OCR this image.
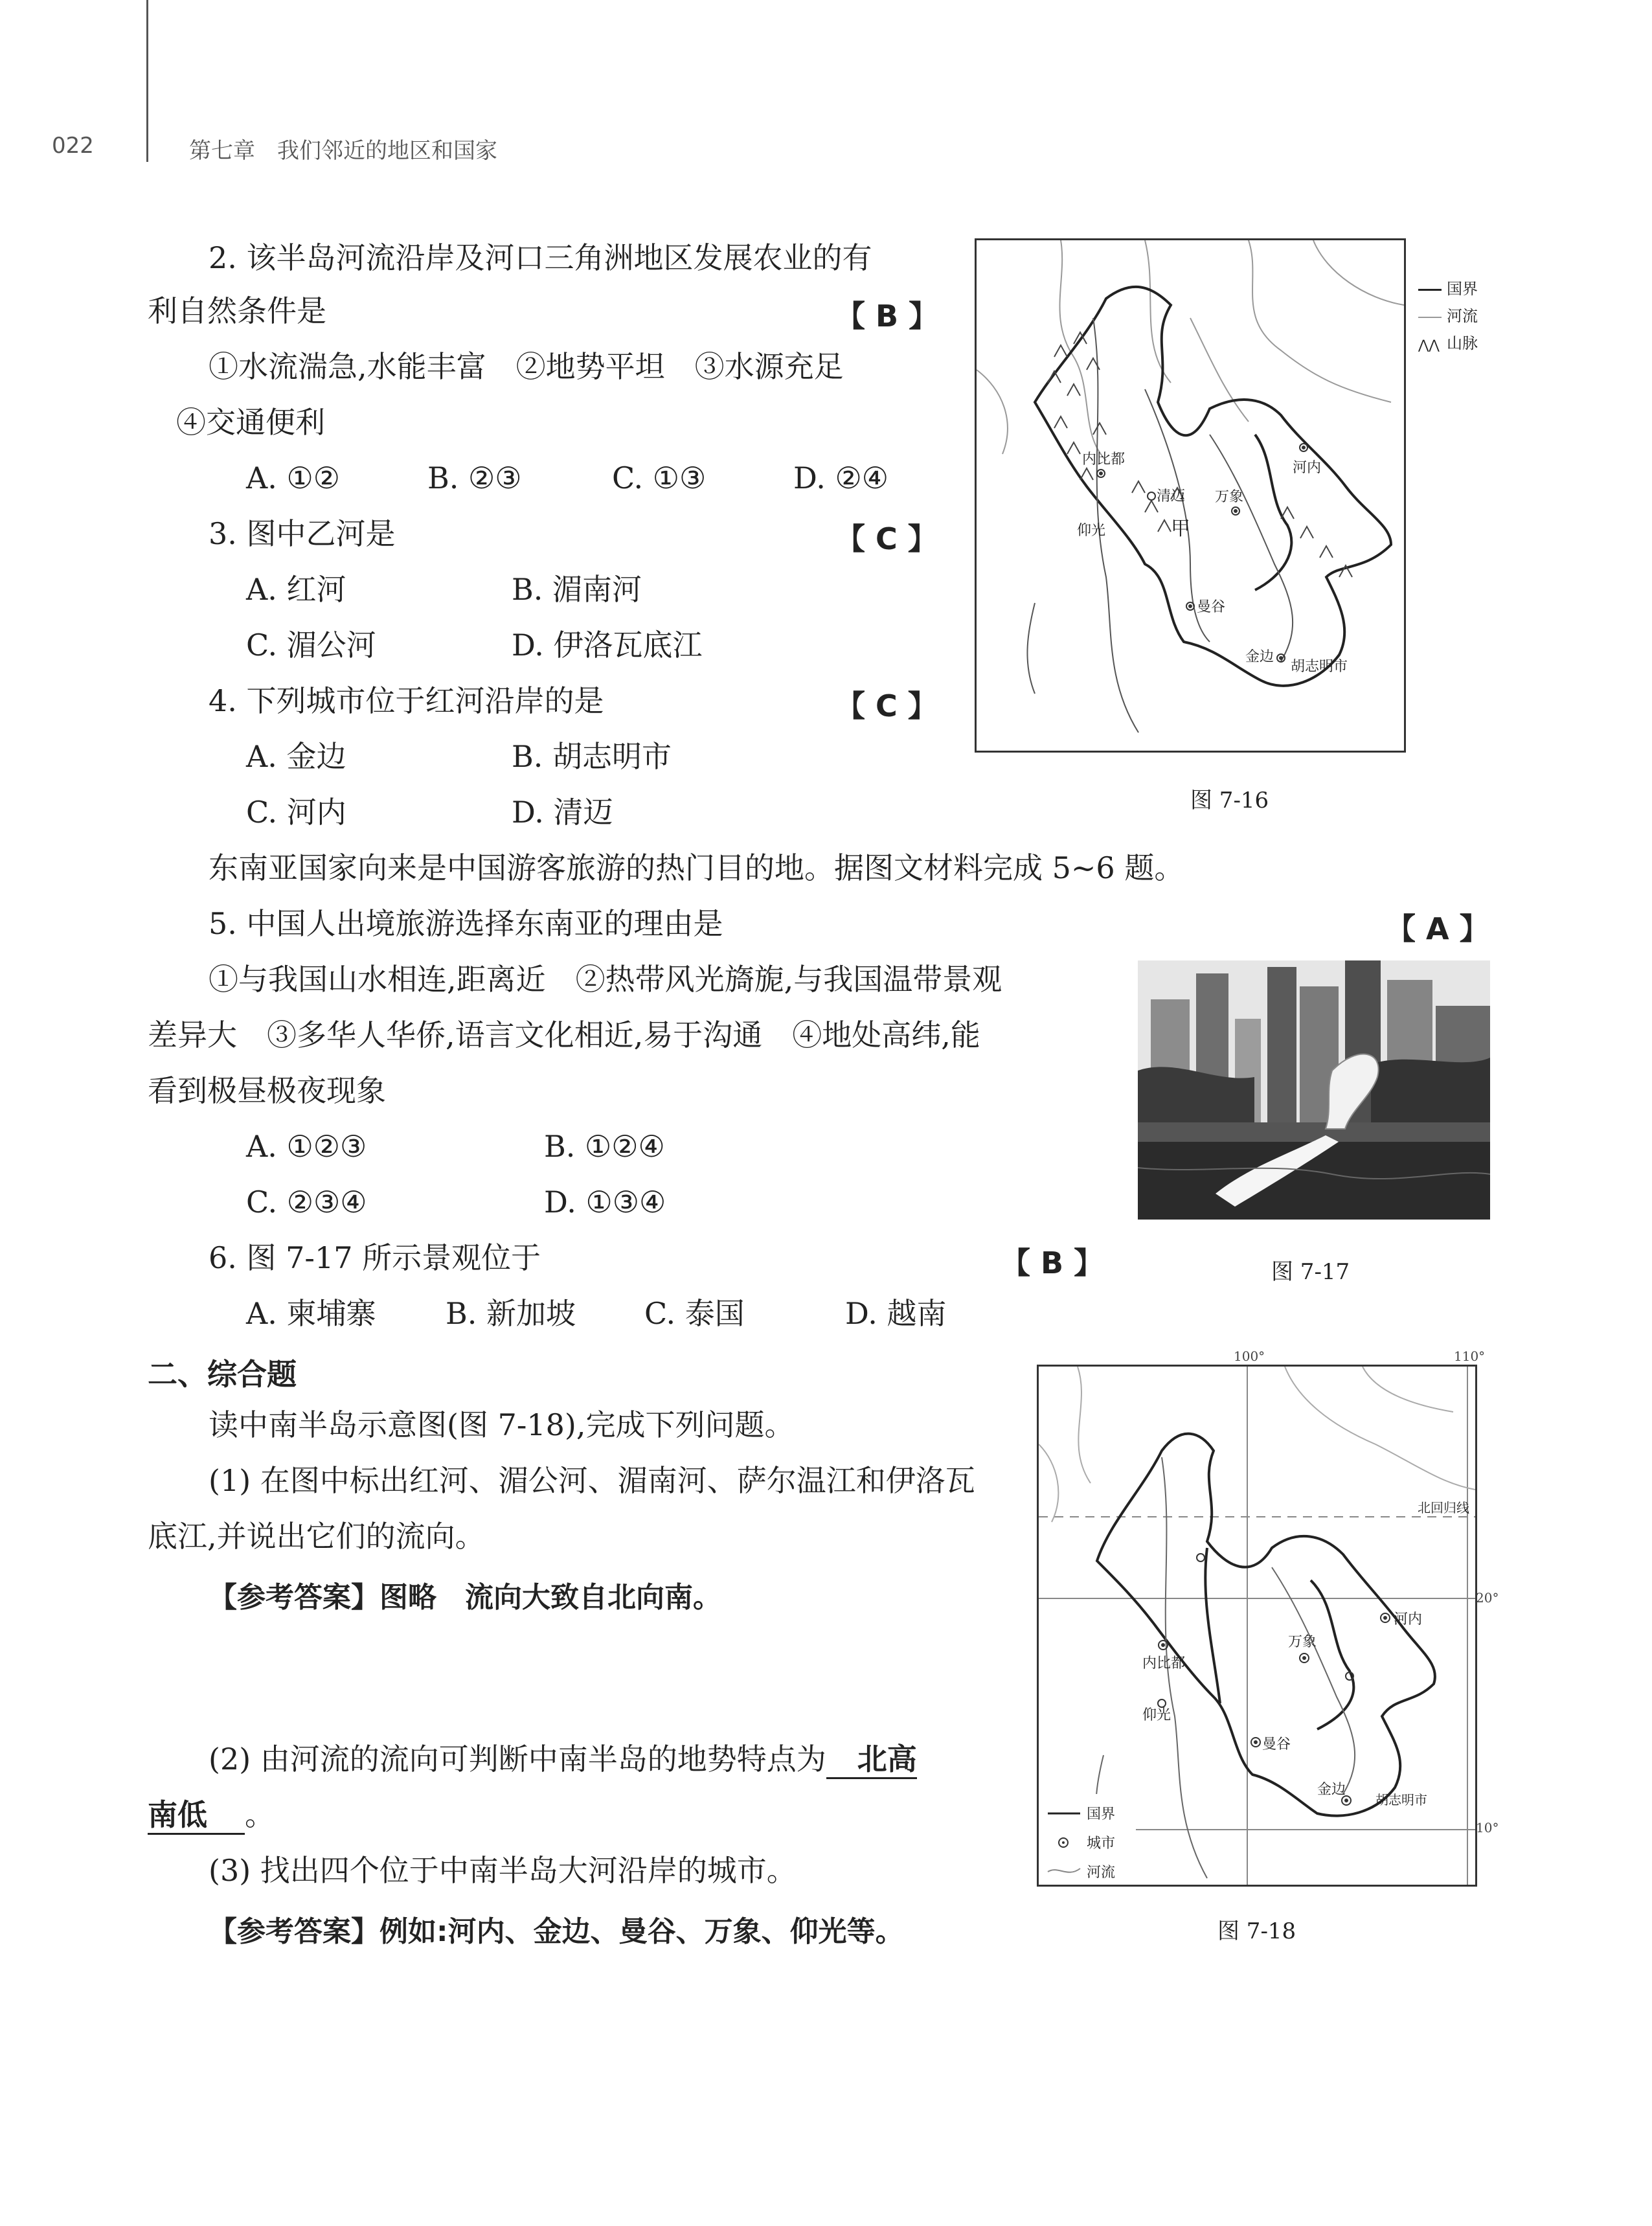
022	第七章　我们邻近的地区和国家
2. 该半岛河流沿岸及河口三角洲地区发展农业的有
利自然条件是	【 B 】
①水流湍急,水能丰富　②地势平坦　③水源充足
④交通便利
A. ①②	B. ②③	C. ①③	D. ②④
3. 图中乙河是	【 C 】
A. 红河	B. 湄南河
C. 湄公河	D. 伊洛瓦底江
4. 下列城市位于红河沿岸的是	【 C 】
A. 金边	B. 胡志明市
C. 河内	D. 清迈
内比都
清迈 万象
河内
甲
仰光
曼谷
金边
胡志明市
国界
河流
⋀⋀ 山脉
图 7-16
东南亚国家向来是中国游客旅游的热门目的地。据图文材料完成 5~6 题。
5. 中国人出境旅游选择东南亚的理由是	【 A 】
①与我国山水相连,距离近　②热带风光旖旎,与我国温带景观
差异大　③多华人华侨,语言文化相近,易于沟通　④地处高纬,能
看到极昼极夜现象
A. ①②③	B. ①②④
C. ②③④	D. ①③④
6. 图 7-17 所示景观位于	【 B 】	图 7-17
A. 柬埔寨 B. 新加坡 C. 泰国	D. 越南
二、综合题
读中南半岛示意图(图 7-18),完成下列问题。
(1) 在图中标出红河、湄公河、湄南河、萨尔温江和伊洛瓦
底江,并说出它们的流向。
【参考答案】图略　流向大致自北向南。
(2) 由河流的流向可判断中南半岛的地势特点为 北高
南低 。
(3) 找出四个位于中南半岛大河沿岸的城市。
【参考答案】例如:河内、金边、曼谷、万象、仰光等。
河内
内比都
万象
仰光
曼谷
金边
胡志明市
北回归线
国界
城市
河流
100°	110°
20°
10°
图 7-18
